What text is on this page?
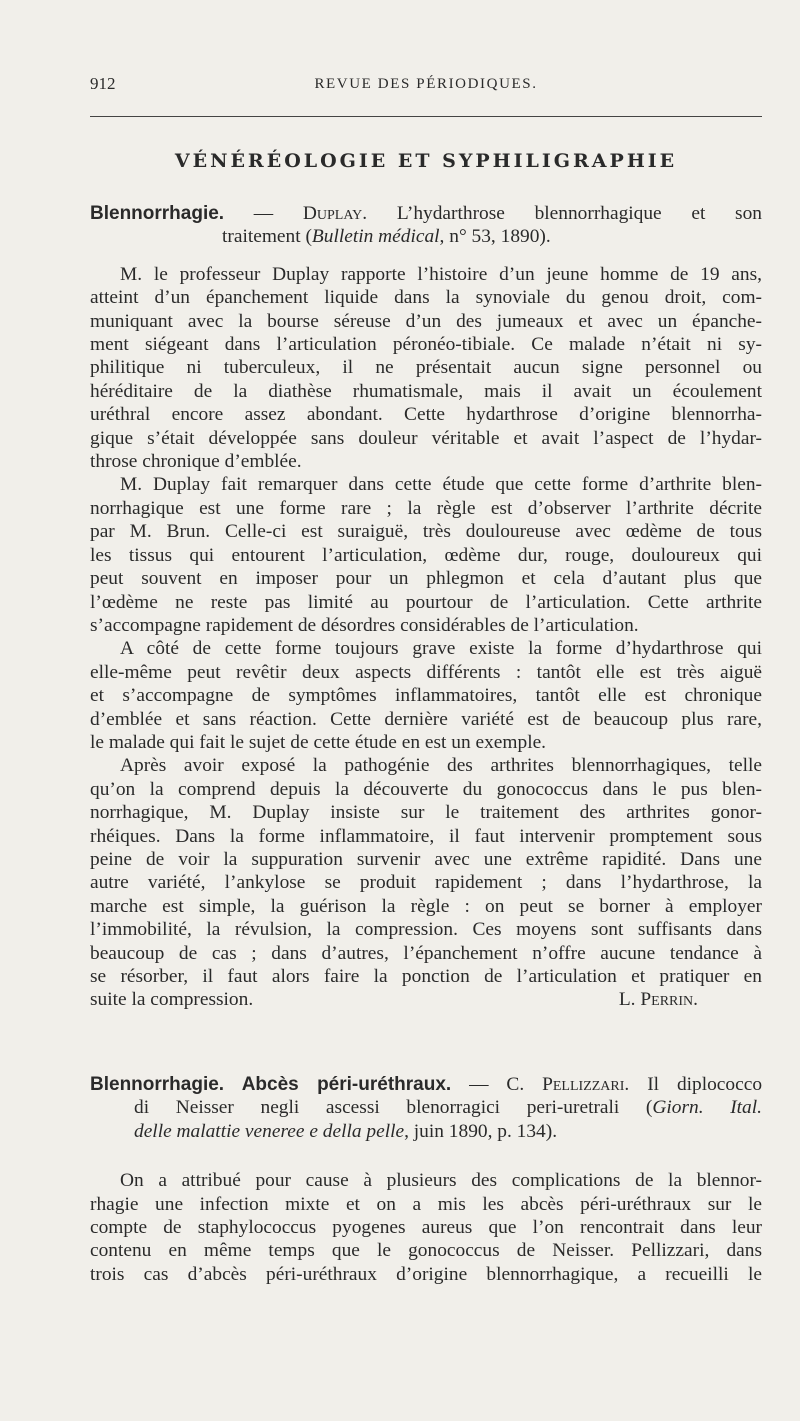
912	REVUE DES PÉRIODIQUES.
VÉNÉRÉOLOGIE ET SYPHILIGRAPHIE
Blennorrhagie. — Duplay. L’hydarthrose blennorrhagique et son
traitement (Bulletin médical, n° 53, 1890).
M. le professeur Duplay rapporte l’histoire d’un jeune homme de 19 ans,
atteint d’un épanchement liquide dans la synoviale du genou droit, com-
muniquant avec la bourse séreuse d’un des jumeaux et avec un épanche-
ment siégeant dans l’articulation péronéo-tibiale. Ce malade n’était ni sy-
philitique ni tuberculeux, il ne présentait aucun signe personnel ou
héréditaire de la diathèse rhumatismale, mais il avait un écoulement
uréthral encore assez abondant. Cette hydarthrose d’origine blennorrha-
gique s’était développée sans douleur véritable et avait l’aspect de l’hydar-
throse chronique d’emblée.
M. Duplay fait remarquer dans cette étude que cette forme d’arthrite blen-
norrhagique est une forme rare ; la règle est d’observer l’arthrite décrite
par M. Brun. Celle-ci est suraiguë, très douloureuse avec œdème de tous
les tissus qui entourent l’articulation, œdème dur, rouge, douloureux qui
peut souvent en imposer pour un phlegmon et cela d’autant plus que
l’œdème ne reste pas limité au pourtour de l’articulation. Cette arthrite
s’accompagne rapidement de désordres considérables de l’articulation.
A côté de cette forme toujours grave existe la forme d’hydarthrose qui
elle-même peut revêtir deux aspects différents : tantôt elle est très aiguë
et s’accompagne de symptômes inflammatoires, tantôt elle est chronique
d’emblée et sans réaction. Cette dernière variété est de beaucoup plus rare,
le malade qui fait le sujet de cette étude en est un exemple.
Après avoir exposé la pathogénie des arthrites blennorrhagiques, telle
qu’on la comprend depuis la découverte du gonococcus dans le pus blen-
norrhagique, M. Duplay insiste sur le traitement des arthrites gonor-
rhéiques. Dans la forme inflammatoire, il faut intervenir promptement sous
peine de voir la suppuration survenir avec une extrême rapidité. Dans une
autre variété, l’ankylose se produit rapidement ; dans l’hydarthrose, la
marche est simple, la guérison la règle : on peut se borner à employer
l’immobilité, la révulsion, la compression. Ces moyens sont suffisants dans
beaucoup de cas ; dans d’autres, l’épanchement n’offre aucune tendance à
se résorber, il faut alors faire la ponction de l’articulation et pratiquer en
suite la compression.	L. Perrin.
Blennorrhagie. Abcès péri-uréthraux. — C. Pellizzari. Il diplococco
di Neisser negli ascessi blenorragici peri-uretrali (Giorn. Ital.
delle malattie veneree e della pelle, juin 1890, p. 134).
On a attribué pour cause à plusieurs des complications de la blennor-
rhagie une infection mixte et on a mis les abcès péri-uréthraux sur le
compte de staphylococcus pyogenes aureus que l’on rencontrait dans leur
contenu en même temps que le gonococcus de Neisser. Pellizzari, dans
trois cas d’abcès péri-uréthraux d’origine blennorrhagique, a recueilli le
